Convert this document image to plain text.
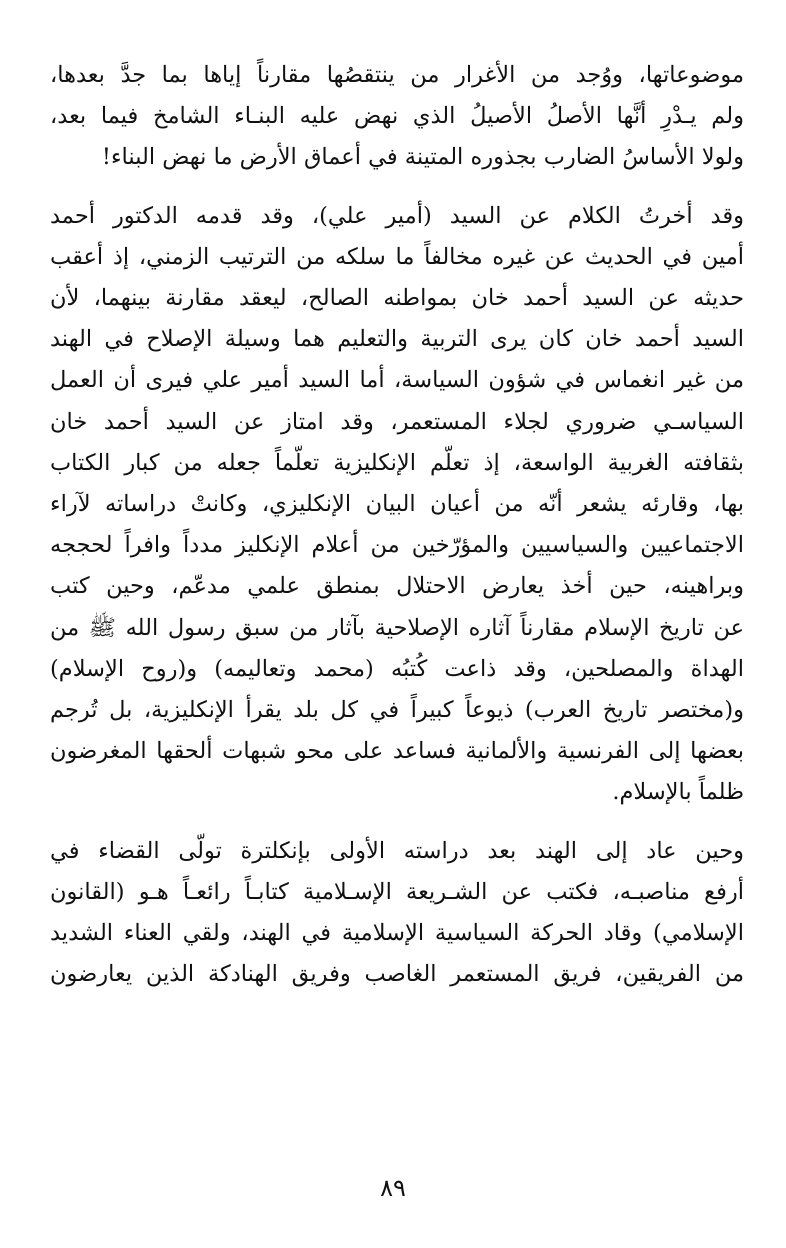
موضوعاتها، ووُجد من الأغرار من ينتقصُها مقارناً إياها بما جدَّ بعدها،
ولم يـدْرِ أنَّها الأصلُ الأصيلُ الذي نهض عليه البنـاء الشامخ فيما بعد،
ولولا الأساسُ الضارب بجذوره المتينة في أعماق الأرض ما نهض البناء!
وقد أخرتُ الكلام عن السيد (أمير علي)، وقد قدمه الدكتور أحمد
أمين في الحديث عن غيره مخالفاً ما سلكه من الترتيب الزمني، إذ أعقب
حديثه عن السيد أحمد خان بمواطنه الصالح، ليعقد مقارنة بينهما، لأن
السيد أحمد خان كان يرى التربية والتعليم هما وسيلة الإصلاح في الهند
من غير انغماس في شؤون السياسة، أما السيد أمير علي فيرى أن العمل
السياسـي ضروري لجلاء المستعمر، وقد امتاز عن السيد أحمد خان
بثقافته الغربية الواسعة، إذ تعلّم الإنكليزية تعلّماً جعله من كبار الكتاب
بها، وقارئه يشعر أنّه من أعيان البيان الإنكليزي، وكانتْ دراساته لآراء
الاجتماعيين والسياسيين والمؤرّخين من أعلام الإنكليز مدداً وافراً لحججه
وبراهينه، حين أخذ يعارض الاحتلال بمنطق علمي مدعّم، وحين كتب
عن تاريخ الإسلام مقارناً آثاره الإصلاحية بآثار من سبق رسول الله ﷺ من
الهداة والمصلحين، وقد ذاعت كُتبُه (محمد وتعاليمه) و(روح الإسلام)
و(مختصر تاريخ العرب) ذيوعاً كبيراً في كل بلد يقرأ الإنكليزية، بل تُرجم
بعضها إلى الفرنسية والألمانية فساعد على محو شبهات ألحقها المغرضون
ظلماً بالإسلام.
وحين عاد إلى الهند بعد دراسته الأولى بإنكلترة تولّى القضاء في
أرفع مناصبـه، فكتب عن الشـريعة الإسـلامية كتابـاً رائعـاً هـو (القانون
الإسلامي) وقاد الحركة السياسية الإسلامية في الهند، ولقي العناء الشديد
من الفريقين، فريق المستعمر الغاصب وفريق الهنادكة الذين يعارضون
٨٩
